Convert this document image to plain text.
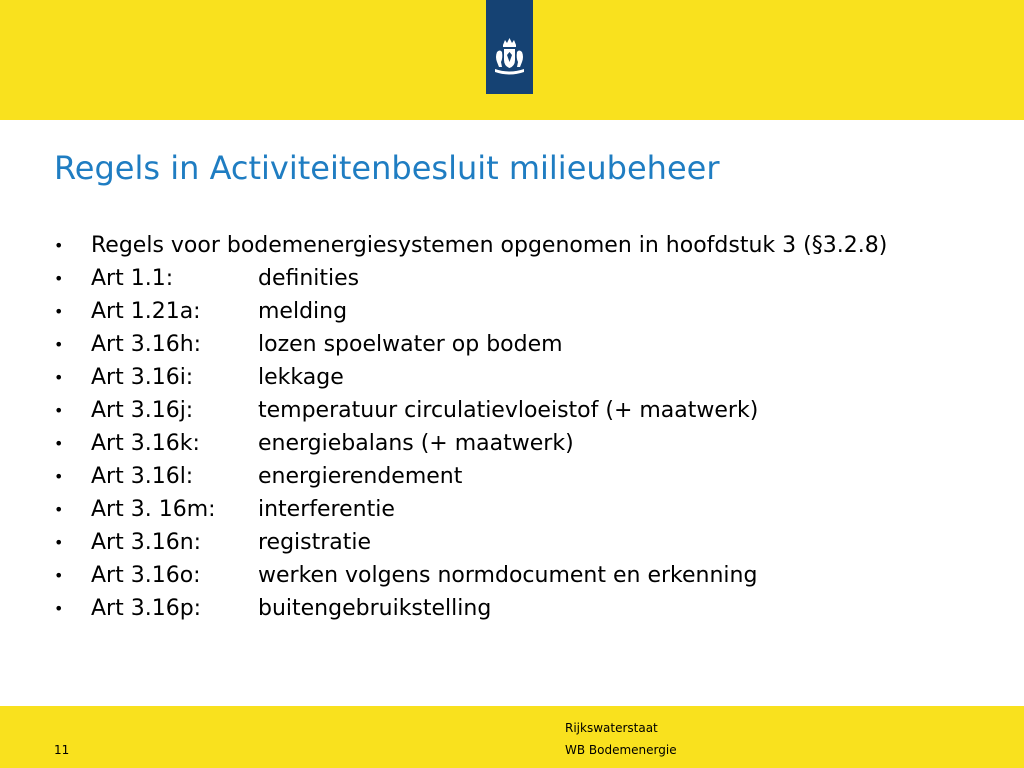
Regels in Activiteitenbesluit milieubeheer
• Regels voor bodemenergiesystemen opgenomen in hoofdstuk 3 (§3.2.8)
• Art 1.1:	definities
• Art 1.21a:	melding
• Art 3.16h:	lozen spoelwater op bodem
• Art 3.16i:	lekkage
• Art 3.16j:	temperatuur circulatievloeistof (+ maatwerk)
• Art 3.16k:	energiebalans (+ maatwerk)
• Art 3.16l:	energierendement
• Art 3. 16m: interferentie
• Art 3.16n:	registratie
• Art 3.16o:	werken volgens normdocument en erkenning
• Art 3.16p:	buitengebruikstelling
11
Rijkswaterstaat
WB Bodemenergie
